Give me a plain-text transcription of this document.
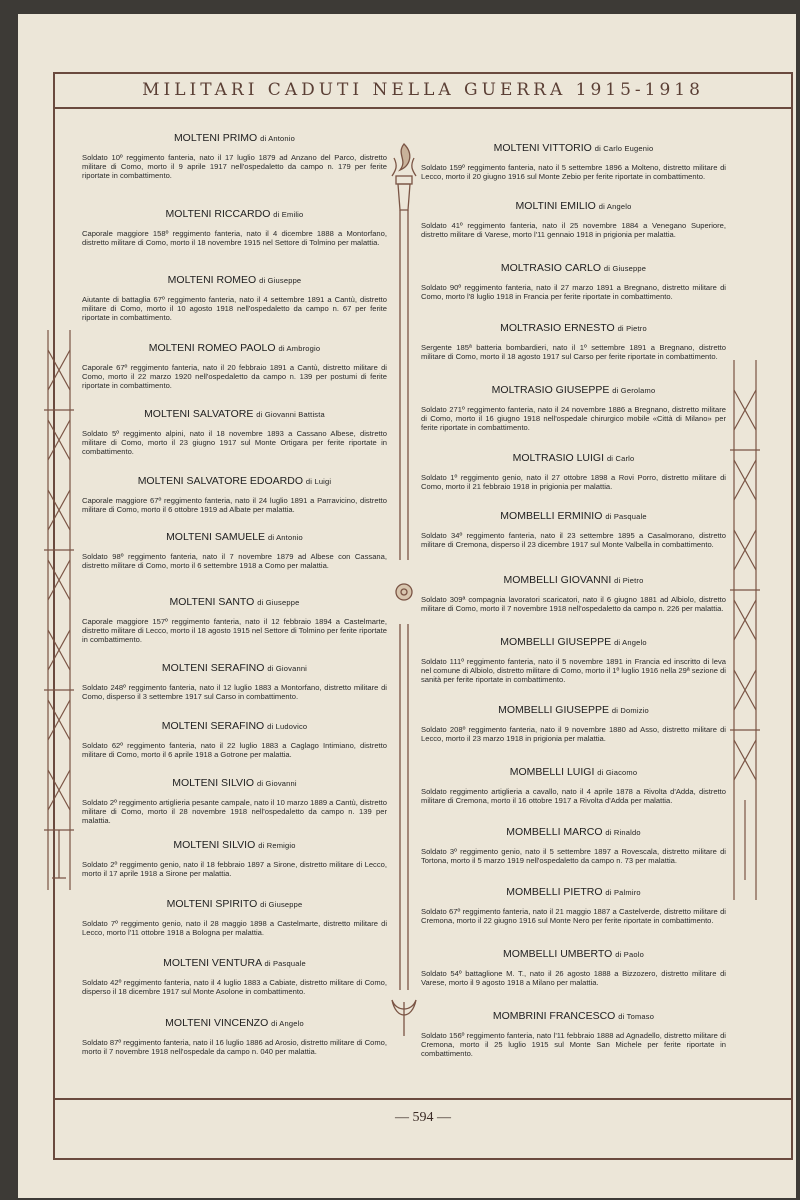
MILITARI CADUTI NELLA GUERRA 1915-1918
MOLTENI PRIMO di Antonio
Soldato 10º reggimento fanteria, nato il 17 luglio 1879 ad Anzano del Parco, distretto militare di Como, morto il 9 aprile 1917 nell'ospedaletto da campo n. 179 per ferite riportate in combattimento.
MOLTENI RICCARDO di Emilio
Caporale maggiore 158º reggimento fanteria, nato il 4 dicembre 1888 a Montorfano, distretto militare di Como, morto il 18 novembre 1915 nel Settore di Tolmino per malattia.
MOLTENI ROMEO di Giuseppe
Aiutante di battaglia 67º reggimento fanteria, nato il 4 settembre 1891 a Cantù, distretto militare di Como, morto il 10 agosto 1918 nell'ospedaletto da campo n. 67 per ferite riportate in combattimento.
MOLTENI ROMEO PAOLO di Ambrogio
Caporale 67º reggimento fanteria, nato il 20 febbraio 1891 a Cantù, distretto militare di Como, morto il 22 marzo 1920 nell'ospedaletto da campo n. 139 per postumi di ferite riportate in combattimento.
MOLTENI SALVATORE di Giovanni Battista
Soldato 5º reggimento alpini, nato il 18 novembre 1893 a Cassano Albese, distretto militare di Como, morto il 23 giugno 1917 sul Monte Ortigara per ferite riportate in combattimento.
MOLTENI SALVATORE EDOARDO di Luigi
Caporale maggiore 67º reggimento fanteria, nato il 24 luglio 1891 a Parravicino, distretto militare di Como, morto il 6 ottobre 1919 ad Albate per malattia.
MOLTENI SAMUELE di Antonio
Soldato 98º reggimento fanteria, nato il 7 novembre 1879 ad Albese con Cassana, distretto militare di Como, morto il 6 settembre 1918 a Como per malattia.
MOLTENI SANTO di Giuseppe
Caporale maggiore 157º reggimento fanteria, nato il 12 febbraio 1894 a Castelmarte, distretto militare di Lecco, morto il 18 agosto 1915 nel Settore di Tolmino per ferite riportate in combattimento.
MOLTENI SERAFINO di Giovanni
Soldato 248º reggimento fanteria, nato il 12 luglio 1883 a Montorfano, distretto militare di Como, disperso il 3 settembre 1917 sul Carso in combattimento.
MOLTENI SERAFINO di Ludovico
Soldato 62º reggimento fanteria, nato il 22 luglio 1883 a Caglago Intimiano, distretto militare di Como, morto il 6 aprile 1918 a Gotrone per malattia.
MOLTENI SILVIO di Giovanni
Soldato 2º reggimento artiglieria pesante campale, nato il 10 marzo 1889 a Cantù, distretto militare di Como, morto il 28 novembre 1918 nell'ospedaletto da campo n. 139 per malattia.
MOLTENI SILVIO di Remigio
Soldato 2º reggimento genio, nato il 18 febbraio 1897 a Sirone, distretto militare di Lecco, morto il 17 aprile 1918 a Sirone per malattia.
MOLTENI SPIRITO di Giuseppe
Soldato 7º reggimento genio, nato il 28 maggio 1898 a Castelmarte, distretto militare di Lecco, morto l'11 ottobre 1918 a Bologna per malattia.
MOLTENI VENTURA di Pasquale
Soldato 42º reggimento fanteria, nato il 4 luglio 1883 a Cabiate, distretto militare di Como, disperso il 18 dicembre 1917 sul Monte Asolone in combattimento.
MOLTENI VINCENZO di Angelo
Soldato 87º reggimento fanteria, nato il 16 luglio 1886 ad Arosio, distretto militare di Como, morto il 7 novembre 1918 nell'ospedale da campo n. 040 per malattia.
MOLTENI VITTORIO di Carlo Eugenio
Soldato 159º reggimento fanteria, nato il 5 settembre 1896 a Molteno, distretto militare di Lecco, morto il 20 giugno 1916 sul Monte Zebio per ferite riportate in combattimento.
MOLTINI EMILIO di Angelo
Soldato 41º reggimento fanteria, nato il 25 novembre 1884 a Venegano Superiore, distretto militare di Varese, morto l'11 gennaio 1918 in prigionia per malattia.
MOLTRASIO CARLO di Giuseppe
Soldato 90º reggimento fanteria, nato il 27 marzo 1891 a Bregnano, distretto militare di Como, morto l'8 luglio 1918 in Francia per ferite riportate in combattimento.
MOLTRASIO ERNESTO di Pietro
Sergente 185ª batteria bombardieri, nato il 1º settembre 1891 a Bregnano, distretto militare di Como, morto il 18 agosto 1917 sul Carso per ferite riportate in combattimento.
MOLTRASIO GIUSEPPE di Gerolamo
Soldato 271º reggimento fanteria, nato il 24 novembre 1886 a Bregnano, distretto militare di Como, morto il 16 giugno 1918 nell'ospedale chirurgico mobile «Città di Milano» per ferite riportate in combattimento.
MOLTRASIO LUIGI di Carlo
Soldato 1º reggimento genio, nato il 27 ottobre 1898 a Rovi Porro, distretto militare di Como, morto il 21 febbraio 1918 in prigionia per malattia.
MOMBELLI ERMINIO di Pasquale
Soldato 34º reggimento fanteria, nato il 23 settembre 1895 a Casalmorano, distretto militare di Cremona, disperso il 23 dicembre 1917 sul Monte Valbella in combattimento.
MOMBELLI GIOVANNI di Pietro
Soldato 309ª compagnia lavoratori scaricatori, nato il 6 giugno 1881 ad Albiolo, distretto militare di Como, morto il 7 novembre 1918 nell'ospedaletto da campo n. 226 per malattia.
MOMBELLI GIUSEPPE di Angelo
Soldato 111º reggimento fanteria, nato il 5 novembre 1891 in Francia ed inscritto di leva nel comune di Albiolo, distretto militare di Como, morto il 1º luglio 1916 nella 29ª sezione di sanità per ferite riportate in combattimento.
MOMBELLI GIUSEPPE di Domizio
Soldato 208º reggimento fanteria, nato il 9 novembre 1880 ad Asso, distretto militare di Lecco, morto il 23 marzo 1918 in prigionia per malattia.
MOMBELLI LUIGI di Giacomo
Soldato reggimento artiglieria a cavallo, nato il 4 aprile 1878 a Rivolta d'Adda, distretto militare di Cremona, morto il 16 ottobre 1917 a Rivolta d'Adda per malattia.
MOMBELLI MARCO di Rinaldo
Soldato 3º reggimento genio, nato il 5 settembre 1897 a Rovescala, distretto militare di Tortona, morto il 5 marzo 1919 nell'ospedaletto da campo n. 73 per malattia.
MOMBELLI PIETRO di Palmiro
Soldato 67º reggimento fanteria, nato il 21 maggio 1887 a Castelverde, distretto militare di Cremona, morto il 22 giugno 1916 sul Monte Nero per ferite riportate in combattimento.
MOMBELLI UMBERTO di Paolo
Soldato 54º battaglione M. T., nato il 26 agosto 1888 a Bizzozero, distretto militare di Varese, morto il 9 agosto 1918 a Milano per malattia.
MOMBRINI FRANCESCO di Tomaso
Soldato 156º reggimento fanteria, nato l'11 febbraio 1888 ad Agnadello, distretto militare di Cremona, morto il 25 luglio 1915 sul Monte San Michele per ferite riportate in combattimento.
— 594 —
